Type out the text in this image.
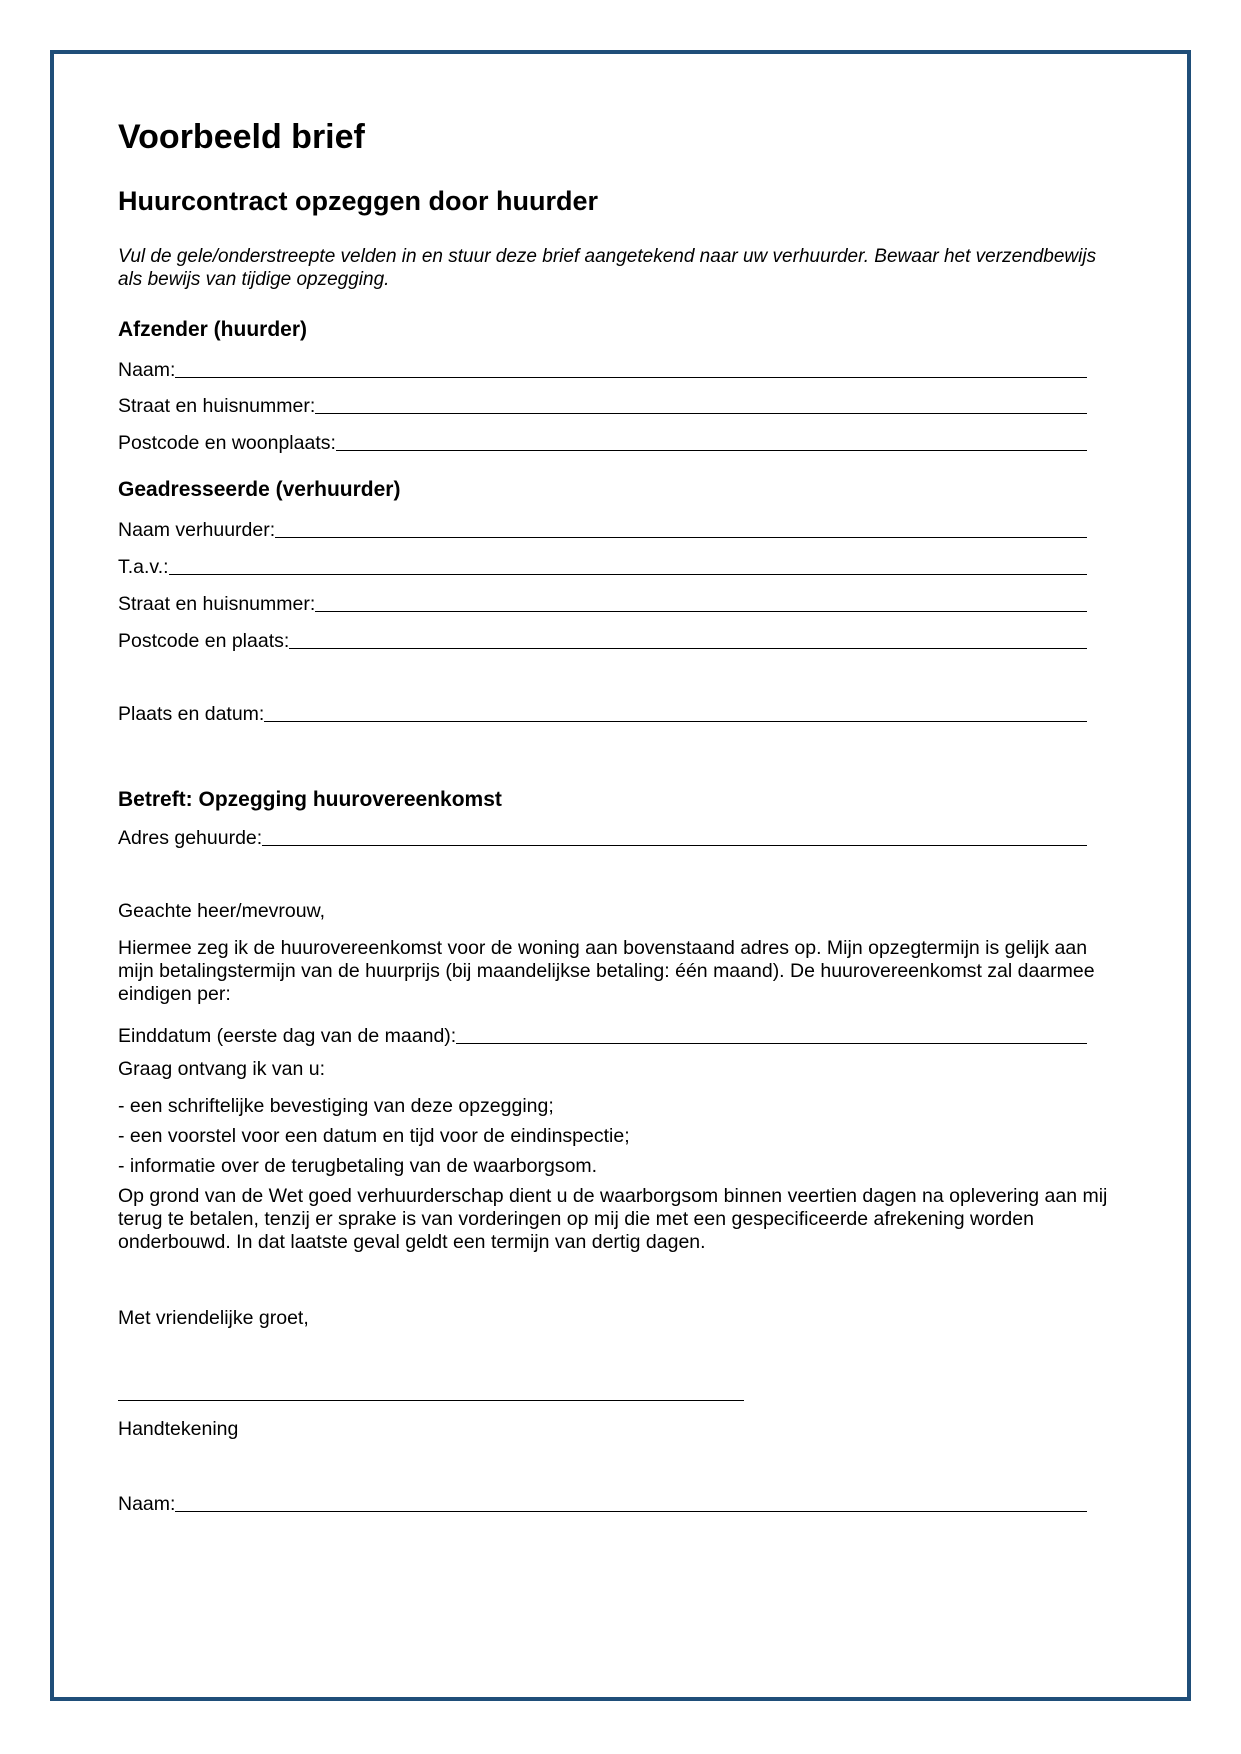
Voorbeeld brief
Huurcontract opzeggen door huurder
Vul de gele/onderstreepte velden in en stuur deze brief aangetekend naar uw verhuurder. Bewaar het verzendbewijs als bewijs van tijdige opzegging.
Afzender (huurder)
Naam:
Straat en huisnummer:
Postcode en woonplaats:
Geadresseerde (verhuurder)
Naam verhuurder:
T.a.v.:
Straat en huisnummer:
Postcode en plaats:
Plaats en datum:
Betreft: Opzegging huurovereenkomst
Adres gehuurde:
Geachte heer/mevrouw,
Hiermee zeg ik de huurovereenkomst voor de woning aan bovenstaand adres op. Mijn opzegtermijn is gelijk aan mijn betalingstermijn van de huurprijs (bij maandelijkse betaling: één maand). De huurovereenkomst zal daarmee eindigen per:
Einddatum (eerste dag van de maand):
Graag ontvang ik van u:
- een schriftelijke bevestiging van deze opzegging;
- een voorstel voor een datum en tijd voor de eindinspectie;
- informatie over de terugbetaling van de waarborgsom.
Op grond van de Wet goed verhuurderschap dient u de waarborgsom binnen veertien dagen na oplevering aan mij terug te betalen, tenzij er sprake is van vorderingen op mij die met een gespecificeerde afrekening worden onderbouwd. In dat laatste geval geldt een termijn van dertig dagen.
Met vriendelijke groet,
Handtekening
Naam:
